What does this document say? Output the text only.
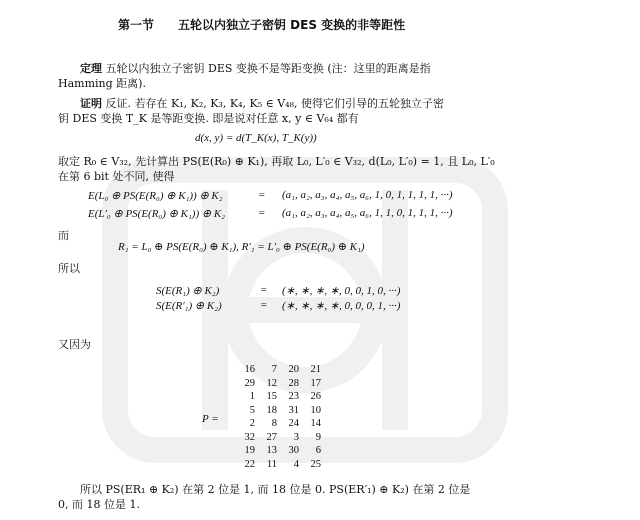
第一节 五轮以内独立子密钥 DES 变换的非等距性
定理 五轮以内独立子密钥 DES 变换不是等距变换 (注：这里的距离是指
Hamming 距离).
证明 反证. 若存在 K₁, K₂, K₃, K₄, K₅ ∈ V₄₈, 使得它们引导的五轮独立子密
钥 DES 变换 T_K 是等距变换. 即是说对任意 x, y ∈ V₆₄ 都有
d(x, y) = d(T_K(x), T_K(y))
取定 R₀ ∈ V₃₂, 先计算出 PS(E(R₀) ⊕ K₁), 再取 L₀, L′₀ ∈ V₃₂, d(L₀, L′₀) = 1, 且 L₀, L′₀
在第 6 bit 处不同, 使得
E(L₀ ⊕ PS(E(R₀) ⊕ K₁)) ⊕ K₂	= (a₁, a₂, a₃, a₄, a₅, a₆, 1, 0, 1, 1, 1, 1, ···)
E(L′₀ ⊕ PS(E(R₀) ⊕ K₁)) ⊕ K₂	= (a₁, a₂, a₃, a₄, a₅, a₆, 1, 1, 0, 1, 1, 1, ···)
而
R₁ = L₀ ⊕ PS(E(R₀) ⊕ K₁), R′₁ = L′₀ ⊕ PS(E(R₀) ⊕ K₁)
所以
S(E(R₁) ⊕ K₂)	= (∗, ∗, ∗, ∗, 0, 0, 1, 0, ···)
S(E(R′₁) ⊕ K₂)	= (∗, ∗, ∗, ∗, 0, 0, 0, 1, ···)
又因为
P =
16	7	20	21
29	12	28	17
1	15	23	26
5	18	31	10
2	8	24	14
32	27	3	9
19	13	30	6
22	11	4	25
所以 PS(ER₁ ⊕ K₂) 在第 2 位是 1, 而 18 位是 0. PS(ER′₁) ⊕ K₂) 在第 2 位是
0, 而 18 位是 1.
